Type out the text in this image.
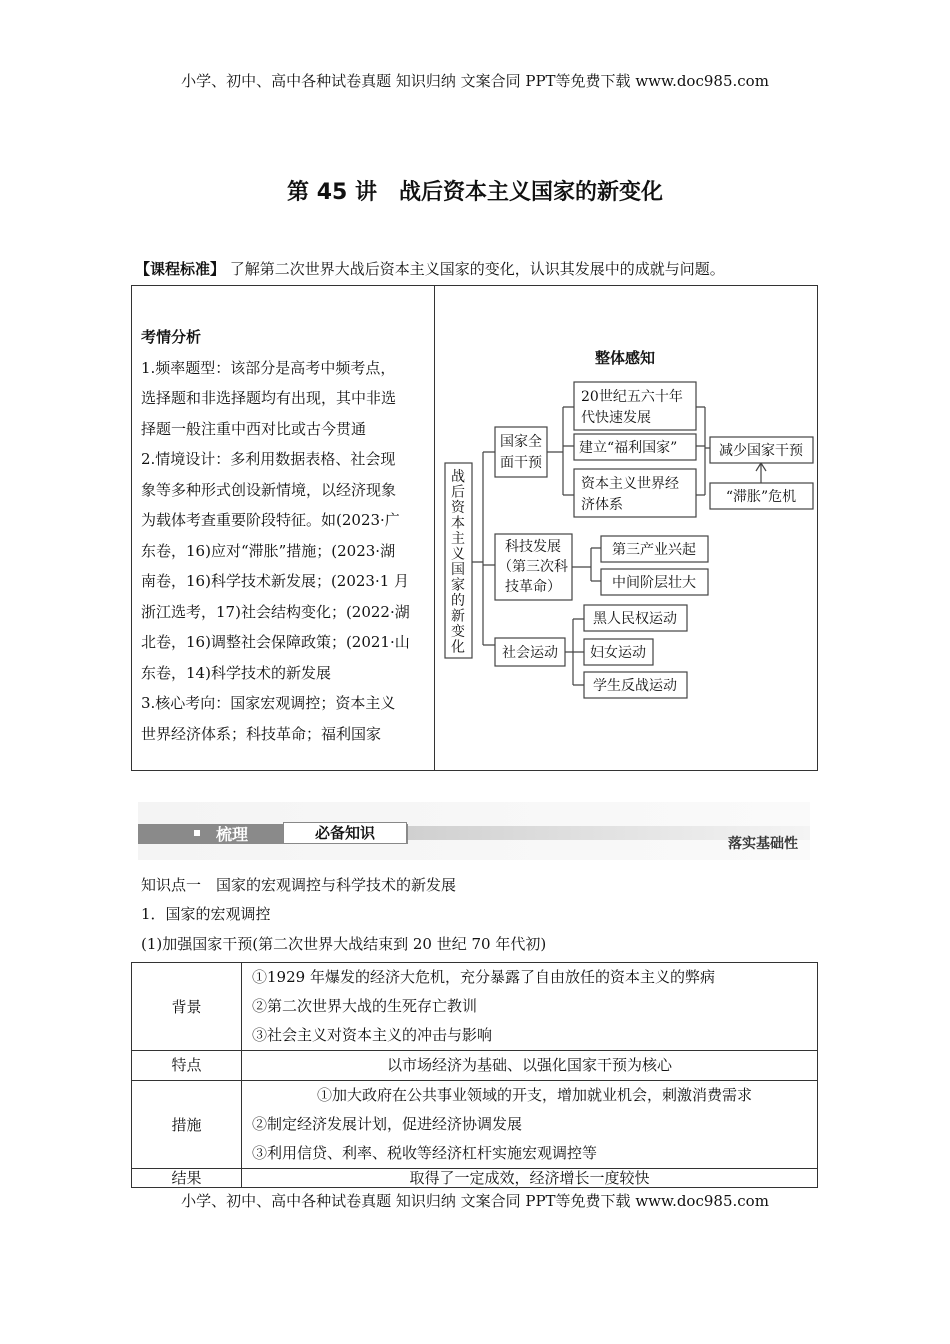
小学、初中、高中各种试卷真题 知识归纳 文案合同 PPT等免费下载 www.doc985.com
第 45 讲　战后资本主义国家的新变化
【课程标准】 了解第二次世界大战后资本主义国家的变化，认识其发展中的成就与问题。
考情分析
1.频率题型：该部分是高考中频考点，
选择题和非选择题均有出现，其中非选
择题一般注重中西对比或古今贯通
2.情境设计：多利用数据表格、社会现
象等多种形式创设新情境，以经济现象
为载体考查重要阶段特征。如(2023·广
东卷，16)应对“滞胀”措施；(2023·湖
南卷，16)科学技术新发展；(2023·1 月
浙江选考，17)社会结构变化；(2022·湖
北卷，16)调整社会保障政策；(2021·山
东卷，14)科学技术的新发展
3.核心考向：国家宏观调控；资本主义
世界经济体系；科技革命；福利国家
整体感知
战
后
资
本
主
义
国
家
的
新
变
化
国家全
面干预
20世纪五六十年
代快速发展
建立“福利国家”
资本主义世界经
济体系
减少国家干预
“滞胀”危机
科技发展
（第三次科
技革命）
第三产业兴起
中间阶层壮大
社会运动
黑人民权运动
妇女运动
学生反战运动
梳理	必备知识
落实基础性
知识点一　国家的宏观调控与科学技术的新发展
1．国家的宏观调控
(1)加强国家干预(第二次世界大战结束到 20 世纪 70 年代初)
背景	①1929 年爆发的经济大危机，充分暴露了自由放任的资本主义的弊病
②第二次世界大战的生死存亡教训
③社会主义对资本主义的冲击与影响

特点	以市场经济为基础、以强化国家干预为核心
措施	①加大政府在公共事业领域的开支，增加就业机会，刺激消费需求
②制定经济发展计划，促进经济协调发展
③利用信贷、利率、税收等经济杠杆实施宏观调控等

结果	取得了一定成效，经济增长一度较快
小学、初中、高中各种试卷真题 知识归纳 文案合同 PPT等免费下载 www.doc985.com
